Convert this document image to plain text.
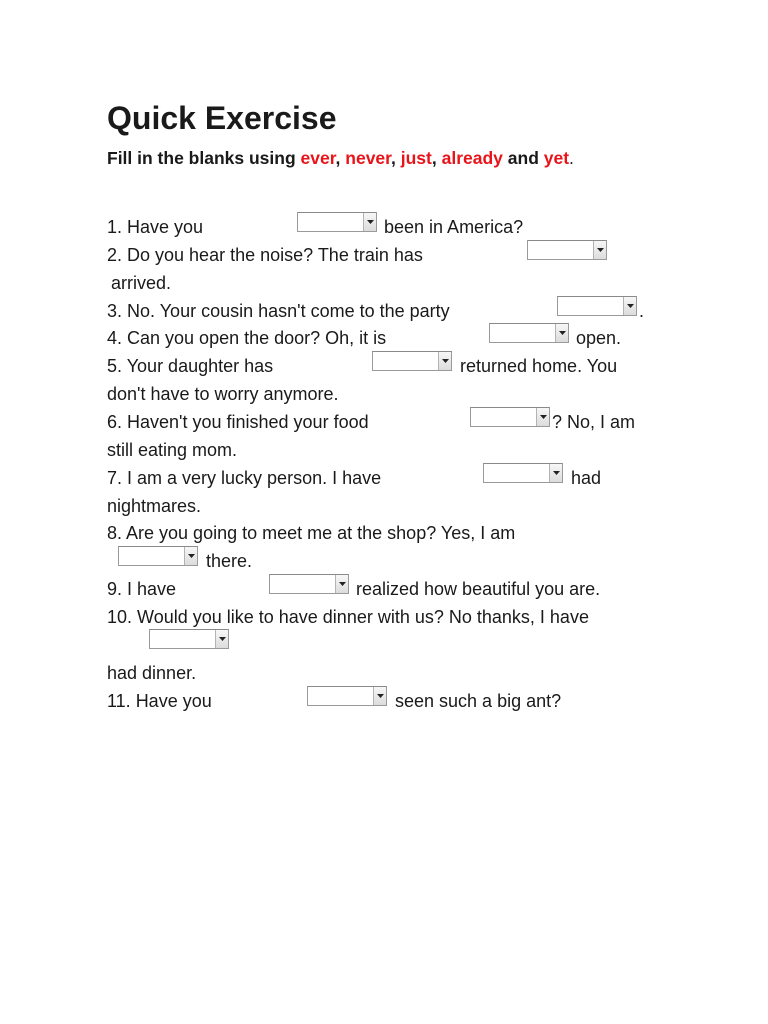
Quick Exercise
Fill in the blanks using ever, never, just, already and yet.
1. Have you	been in America?
2. Do you hear the noise? The train has
arrived.
3. No. Your cousin hasn't come to the party	.
4. Can you open the door? Oh, it is	open.
5. Your daughter has	returned home. You
don't have to worry anymore.
6. Haven't you finished your food	? No, I am
still eating mom.
7. I am a very lucky person. I have	had
nightmares.
8. Are you going to meet me at the shop? Yes, I am
there.
9. I have	realized how beautiful you are.
10. Would you like to have dinner with us? No thanks, I have
had dinner.
11. Have you	seen such a big ant?
